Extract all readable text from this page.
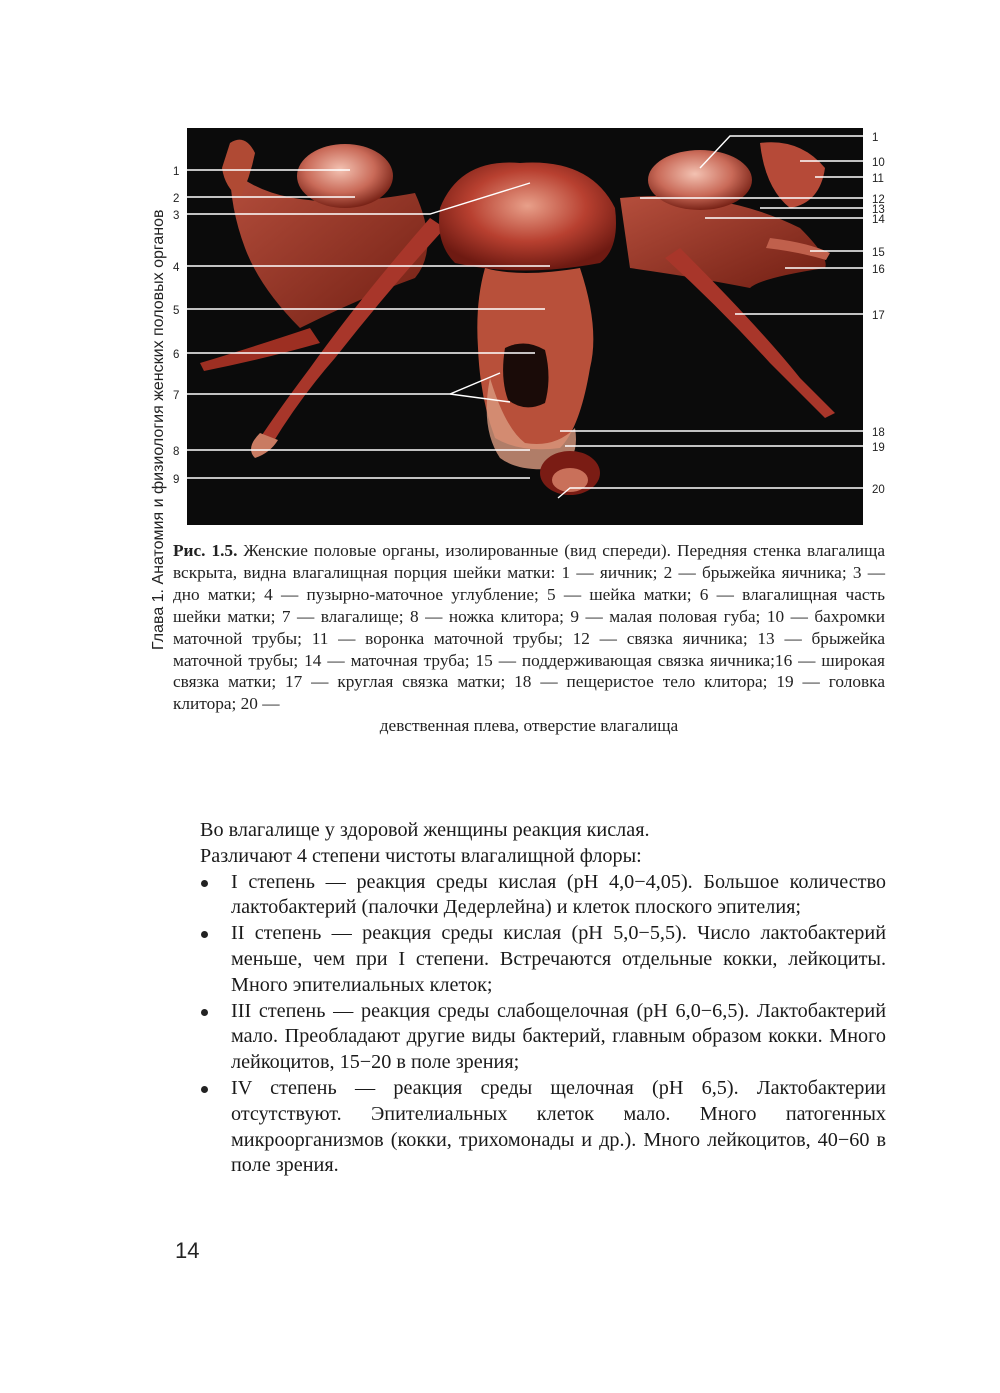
Глава 1. Анатомия и физиология женских половых органов
1
2
3
4
5
6
7
8
9
1
10
11
12
13
14
15
16
17
18
19
20
Рис. 1.5. Женские половые органы, изолированные (вид спереди). Передняя стенка влагалища вскрыта, видна влагалищная порция шейки матки: 1 — яичник; 2 — брыжейка яичника; 3 — дно матки; 4 — пузырно-маточное углубление; 5 — шейка матки; 6 — влагалищная часть шейки матки; 7 — влагалище; 8 — ножка клитора; 9 — малая половая губа; 10 — бахромки маточной трубы; 11 — воронка маточной трубы; 12 — связка яичника; 13 — брыжейка маточной трубы; 14 — маточная труба; 15 — поддерживающая связка яичника;16 — широкая связка матки; 17 — круглая связка матки; 18 — пещеристое тело клитора; 19 — головка клитора; 20 —
девственная плева, отверстие влагалища

Во влагалище у здоровой женщины реакция кислая.

Различают 4 степени чистоты влагалищной флоры:

I степень — реакция среды кислая (pH 4,0−4,05). Большое количество лактобактерий (палочки Дедерлейна) и клеток плоского эпителия;
II степень — реакция среды кислая (pH 5,0−5,5). Число лактобактерий меньше, чем при I степени. Встречаются отдельные кокки, лейкоциты. Много эпителиальных клеток;
III степень — реакция среды слабощелочная (pH 6,0−6,5). Лактобактерий мало. Преобладают другие виды бактерий, главным образом кокки. Много лейкоцитов, 15−20 в поле зрения;
IV степень — реакция среды щелочная (pH 6,5). Лактобактерии отсутствуют. Эпителиальных клеток мало. Много патогенных микроорганизмов (кокки, трихомонады и др.). Много лейкоцитов, 40−60 в поле зрения.
14
